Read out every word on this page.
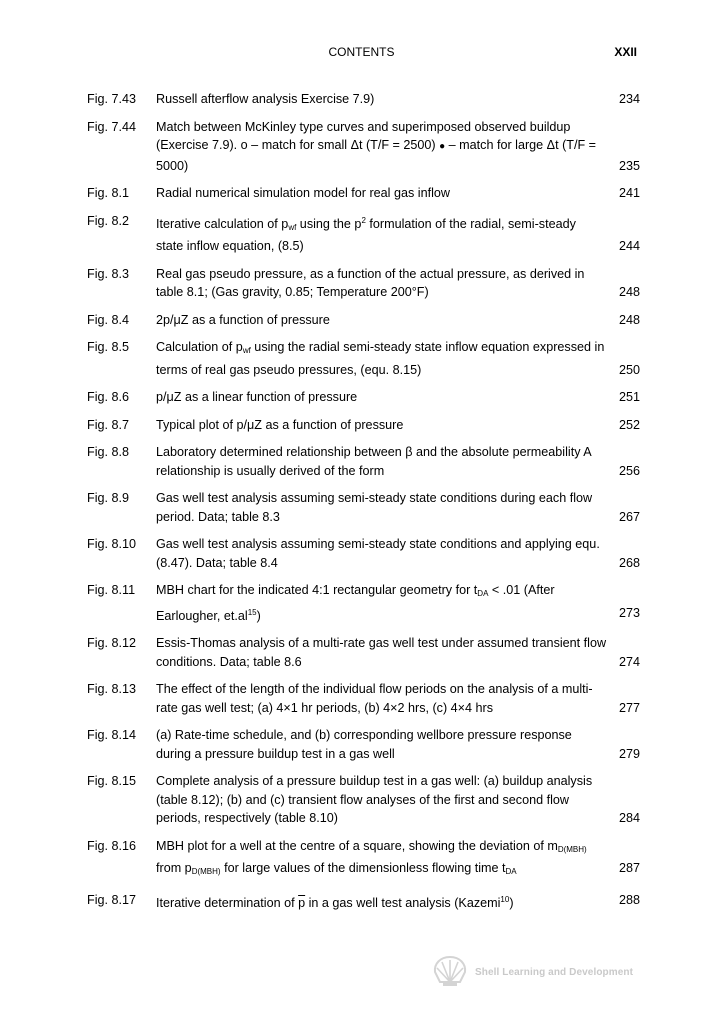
CONTENTS	XXII
Fig. 7.43 Russell afterflow analysis Exercise 7.9)	234
Fig. 7.44 Match between McKinley type curves and superimposed observed buildup
(Exercise 7.9). o – match for small Δt (T/F = 2500) ● – match for large Δt (T/F =
5000)	235
Fig. 8.1 Radial numerical simulation model for real gas inflow	241
Fig. 8.2 Iterative calculation of $p_{wf}$ using the $p^2$ formulation of the radial, semi-steady
state inflow equation, (8.5)	244
Fig. 8.3 Real gas pseudo pressure, as a function of the actual pressure, as derived in
table 8.1; (Gas gravity, 0.85; Temperature 200°F)	248
Fig. 8.4 2p/μZ as a function of pressure	248
Fig. 8.5 Calculation of $p_{wf}$ using the radial semi-steady state inflow equation expressed in
terms of real gas pseudo pressures, (equ. 8.15)	250
Fig. 8.6 p/μZ as a linear function of pressure	251
Fig. 8.7 Typical plot of p/μZ as a function of pressure	252
Fig. 8.8 Laboratory determined relationship between β and the absolute permeability A
relationship is usually derived of the form	256
Fig. 8.9 Gas well test analysis assuming semi-steady state conditions during each flow
period. Data; table 8.3	267
Fig. 8.10 Gas well test analysis assuming semi-steady state conditions and applying equ.
(8.47). Data; table 8.4	268
Fig. 8.11 MBH chart for the indicated 4:1 rectangular geometry for $t_{DA} < .01$ (After
Earlougher, $et.al^{15}$)	273
Fig. 8.12 Essis-Thomas analysis of a multi-rate gas well test under assumed transient flow
conditions. Data; table 8.6	274
Fig. 8.13 The effect of the length of the individual flow periods on the analysis of a multi-
rate gas well test; (a) 4×1 hr periods, (b) 4×2 hrs, (c) 4×4 hrs	277
Fig. 8.14 (a) Rate-time schedule, and (b) corresponding wellbore pressure response
during a pressure buildup test in a gas well	279
Fig. 8.15 Complete analysis of a pressure buildup test in a gas well: (a) buildup analysis
(table 8.12); (b) and (c) transient flow analyses of the first and second flow
periods, respectively (table 8.10)	284
Fig. 8.16 MBH plot for a well at the centre of a square, showing the deviation of $m_{D(MBH)}$
from $p_{D(MBH)}$ for large values of the dimensionless flowing time $t_{DA}$	287
Fig. 8.17 Iterative determination of $\overline{p}$ in a gas well test analysis (Kazemi$^{10}$)	288
Shell Learning and Development
